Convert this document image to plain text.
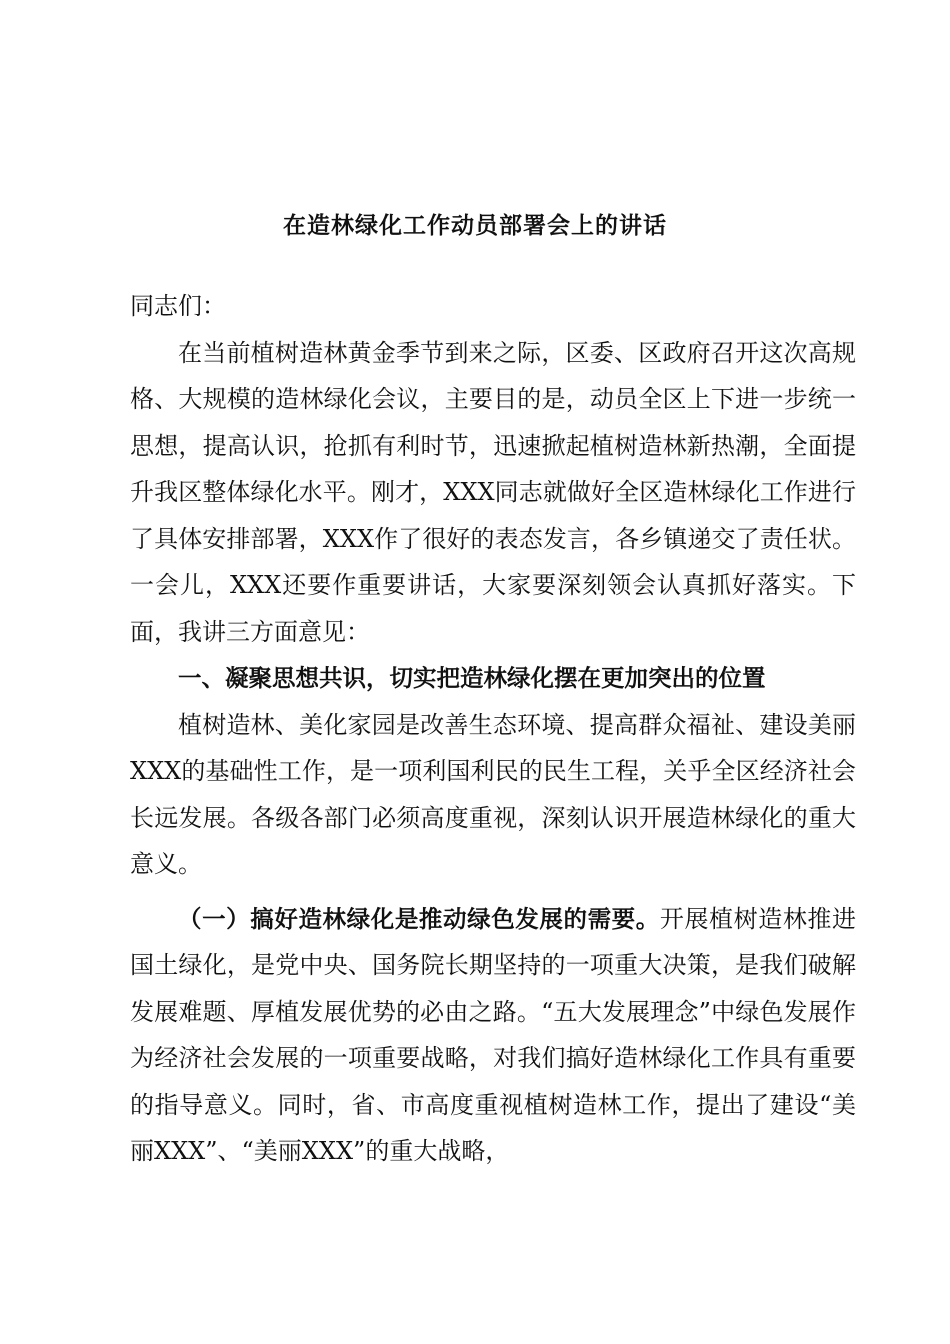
在造林绿化工作动员部署会上的讲话

同志们：

在当前植树造林黄金季节到来之际，区委、区政府召开这次高规格、大规模的造林绿化会议，主要目的是，动员全区上下进一步统一思想，提高认识，抢抓有利时节，迅速掀起植树造林新热潮，全面提升我区整体绿化水平。刚才，XXX同志就做好全区造林绿化工作进行了具体安排部署，XXX作了很好的表态发言，各乡镇递交了责任状。一会儿，XXX还要作重要讲话，大家要深刻领会认真抓好落实。下面，我讲三方面意见：

一、凝聚思想共识，切实把造林绿化摆在更加突出的位置

植树造林、美化家园是改善生态环境、提高群众福祉、建设美丽XXX的基础性工作，是一项利国利民的民生工程，关乎全区经济社会长远发展。各级各部门必须高度重视，深刻认识开展造林绿化的重大意义。

（一）搞好造林绿化是推动绿色发展的需要。开展植树造林推进国土绿化，是党中央、国务院长期坚持的一项重大决策，是我们破解发展难题、厚植发展优势的必由之路。“五大发展理念”中绿色发展作为经济社会发展的一项重要战略，对我们搞好造林绿化工作具有重要的指导意义。同时，省、市高度重视植树造林工作，提出了建设“美丽XXX”、“美丽XXX”的重大战略，
